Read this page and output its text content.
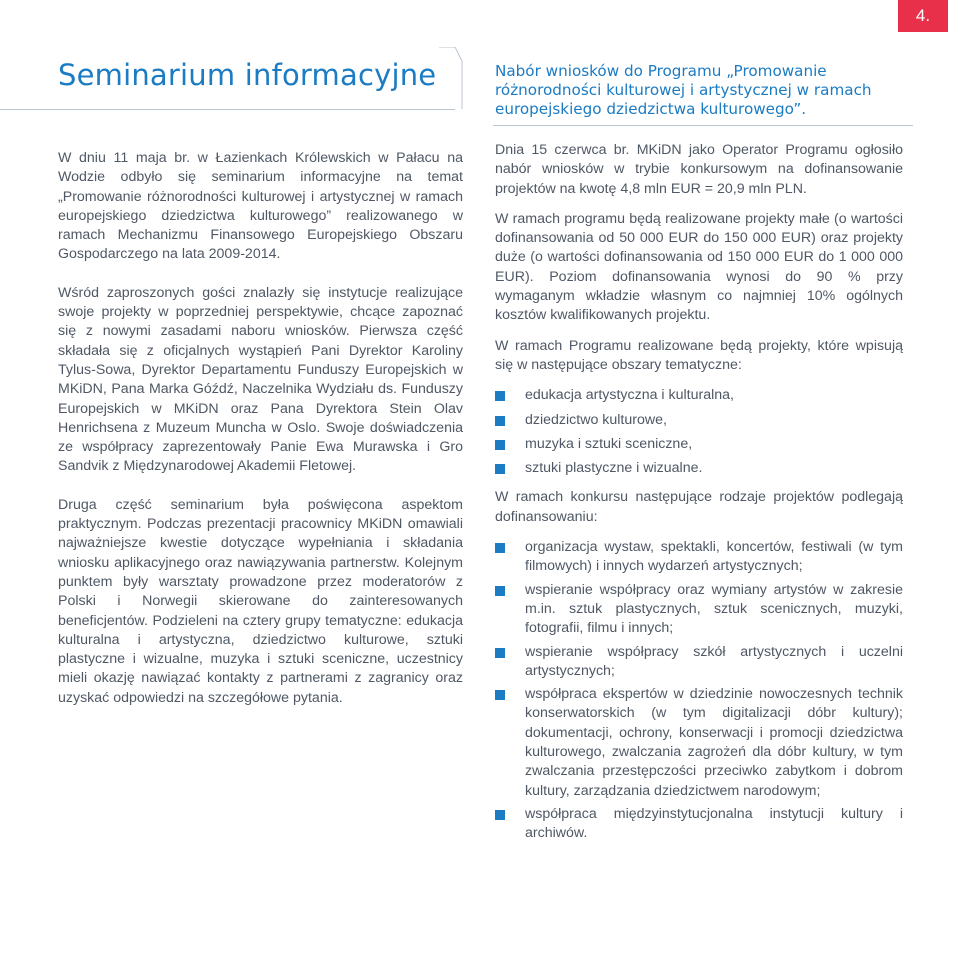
4.
Seminarium informacyjne	Nabór wniosków do Programu „Promowanie różnorodności kulturowej i artystycznej w ramach europejskiego dziedzictwa kulturowego”.

W dniu 11 maja br. w Łazienkach Królewskich w Pałacu na Wodzie odbyło się seminarium informacyjne na temat „Promowanie różnorodności kulturowej i artystycznej w ramach europejskiego dziedzictwa kulturowego” realizowanego w ramach Mechanizmu Finansowego Europejskiego Obszaru Gospodarczego na lata 2009-2014.

Wśród zaproszonych gości znalazły się instytucje realizujące swoje projekty w poprzedniej perspektywie, chcące zapoznać się z nowymi zasadami naboru wniosków. Pierwsza część składała się z oficjalnych wystąpień Pani Dyrektor Karoliny Tylus-Sowa, Dyrektor Departamentu Funduszy Europejskich w MKiDN, Pana Marka Góźdź, Naczelnika Wydziału ds. Funduszy Europejskich w MKiDN oraz Pana Dyrektora Stein Olav Henrichsena z Muzeum Muncha w Oslo. Swoje doświadczenia ze współpracy zaprezentowały Panie Ewa Murawska i Gro Sandvik z Międzynarodowej Akademii Fletowej.

Druga część seminarium była poświęcona aspektom praktycznym. Podczas prezentacji pracownicy MKiDN omawiali najważniejsze kwestie dotyczące wypełniania i składania wniosku aplikacyjnego oraz nawiązywania partnerstw. Kolejnym punktem były warsztaty prowadzone przez moderatorów z Polski i Norwegii skierowane do zainteresowanych beneficjentów. Podzieleni na cztery grupy tematyczne: edukacja kulturalna i artystyczna, dziedzictwo kulturowe, sztuki plastyczne i wizualne, muzyka i sztuki sceniczne, uczestnicy mieli okazję nawiązać kontakty z partnerami z zagranicy oraz uzyskać odpowiedzi na szczegółowe pytania.

Dnia 15 czerwca br. MKiDN jako Operator Programu ogłosiło nabór wniosków w trybie konkursowym na dofinansowanie projektów na kwotę 4,8 mln EUR = 20,9 mln PLN.

W ramach programu będą realizowane projekty małe (o wartości dofinansowania od 50 000 EUR do 150 000 EUR) oraz projekty duże (o wartości dofinansowania od 150 000 EUR do 1 000 000 EUR). Poziom dofinansowania wynosi do 90 % przy wymaganym wkładzie własnym co najmniej 10% ogólnych kosztów kwalifikowanych projektu.

W ramach Programu realizowane będą projekty, które wpisują się w następujące obszary tematyczne:

edukacja artystyczna i kulturalna,
dziedzictwo kulturowe,
muzyka i sztuki sceniczne,
sztuki plastyczne i wizualne.

W ramach konkursu następujące rodzaje projektów podlegają dofinansowaniu:

organizacja wystaw, spektakli, koncertów, festiwali (w tym filmowych) i innych wydarzeń artystycznych;
wspieranie współpracy oraz wymiany artystów w zakresie m.in. sztuk plastycznych, sztuk scenicznych, muzyki, fotografii, filmu i innych;
wspieranie współpracy szkół artystycznych i uczelni artystycznych;
współpraca ekspertów w dziedzinie nowoczesnych technik konserwatorskich (w tym digitalizacji dóbr kultury); dokumentacji, ochrony, konserwacji i promocji dziedzictwa kulturowego, zwalczania zagrożeń dla dóbr kultury, w tym zwalczania przestępczości przeciwko zabytkom i dobrom kultury, zarządzania dziedzictwem narodowym;
współpraca międzyinstytucjonalna instytucji kultury i archiwów.
